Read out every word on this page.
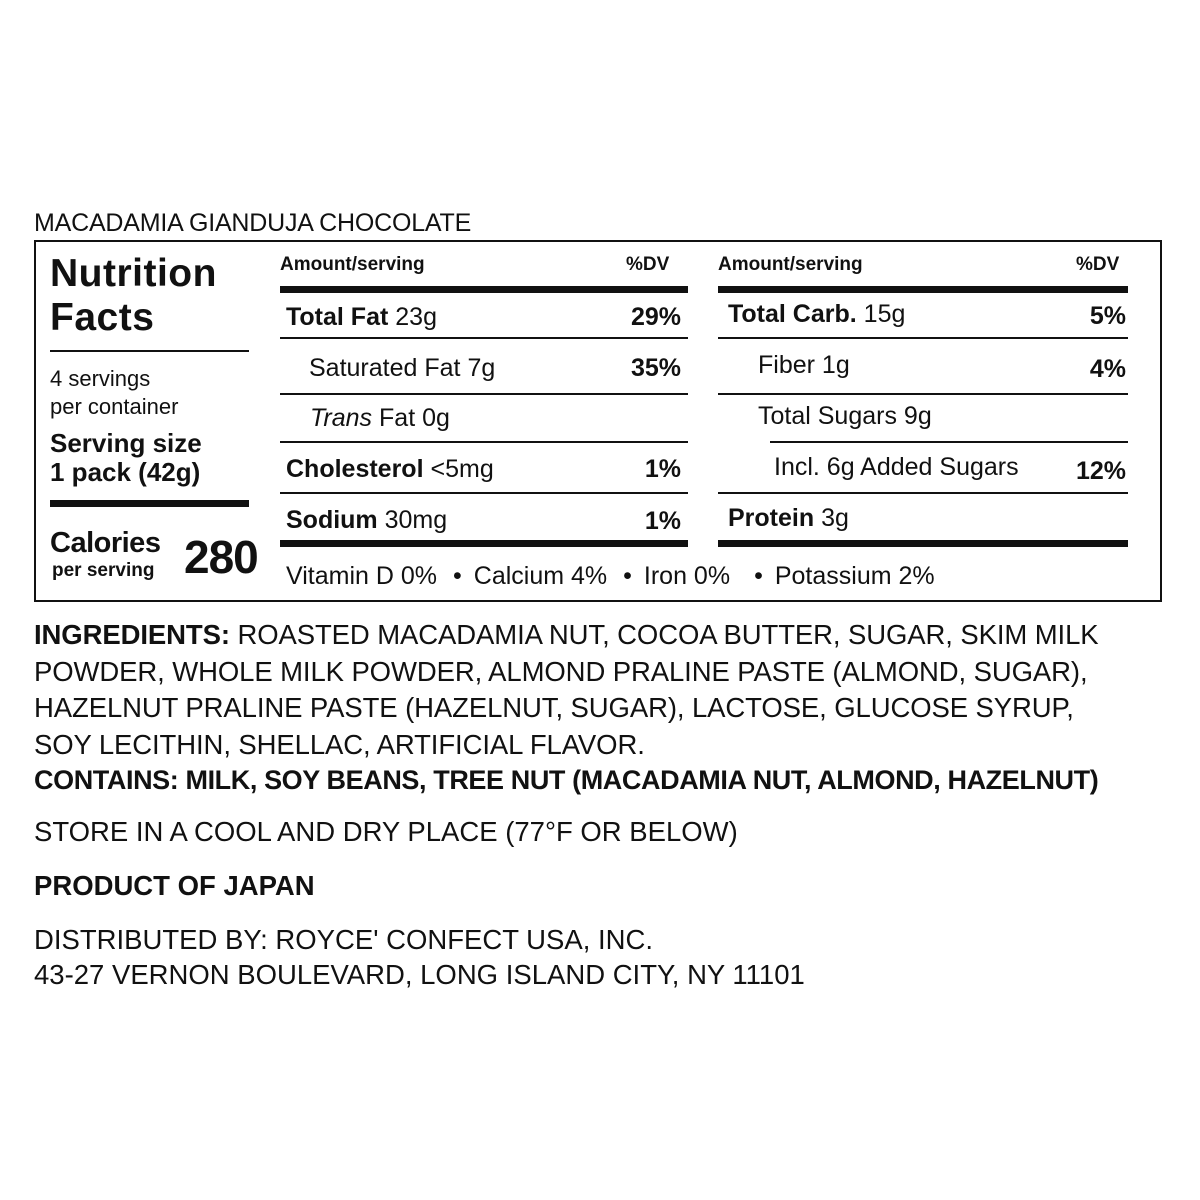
MACADAMIA GIANDUJA CHOCOLATE
Nutrition
Facts
4 servings
per container
Serving size
1 pack (42g)
Calories
per serving 280
Amount/serving	%DV
Total Fat 23g	29%
Saturated Fat 7g	35%
Trans Fat 0g
Cholesterol <5mg	1%
Sodium 30mg	1%
Amount/serving	%DV
Total Carb. 15g	5%
Fiber 1g	4%
Total Sugars 9g
Incl. 6g Added Sugars	12%
Protein 3g
Vitamin D 0% • Calcium 4% • Iron 0% • Potassium 2%
INGREDIENTS: ROASTED MACADAMIA NUT, COCOA BUTTER, SUGAR, SKIM MILK
POWDER, WHOLE MILK POWDER, ALMOND PRALINE PASTE (ALMOND, SUGAR),
HAZELNUT PRALINE PASTE (HAZELNUT, SUGAR), LACTOSE, GLUCOSE SYRUP,
SOY LECITHIN, SHELLAC, ARTIFICIAL FLAVOR.
CONTAINS: MILK, SOY BEANS, TREE NUT (MACADAMIA NUT, ALMOND, HAZELNUT)
STORE IN A COOL AND DRY PLACE (77°F OR BELOW)
PRODUCT OF JAPAN
DISTRIBUTED BY: ROYCE' CONFECT USA, INC.
43-27 VERNON BOULEVARD, LONG ISLAND CITY, NY 11101
